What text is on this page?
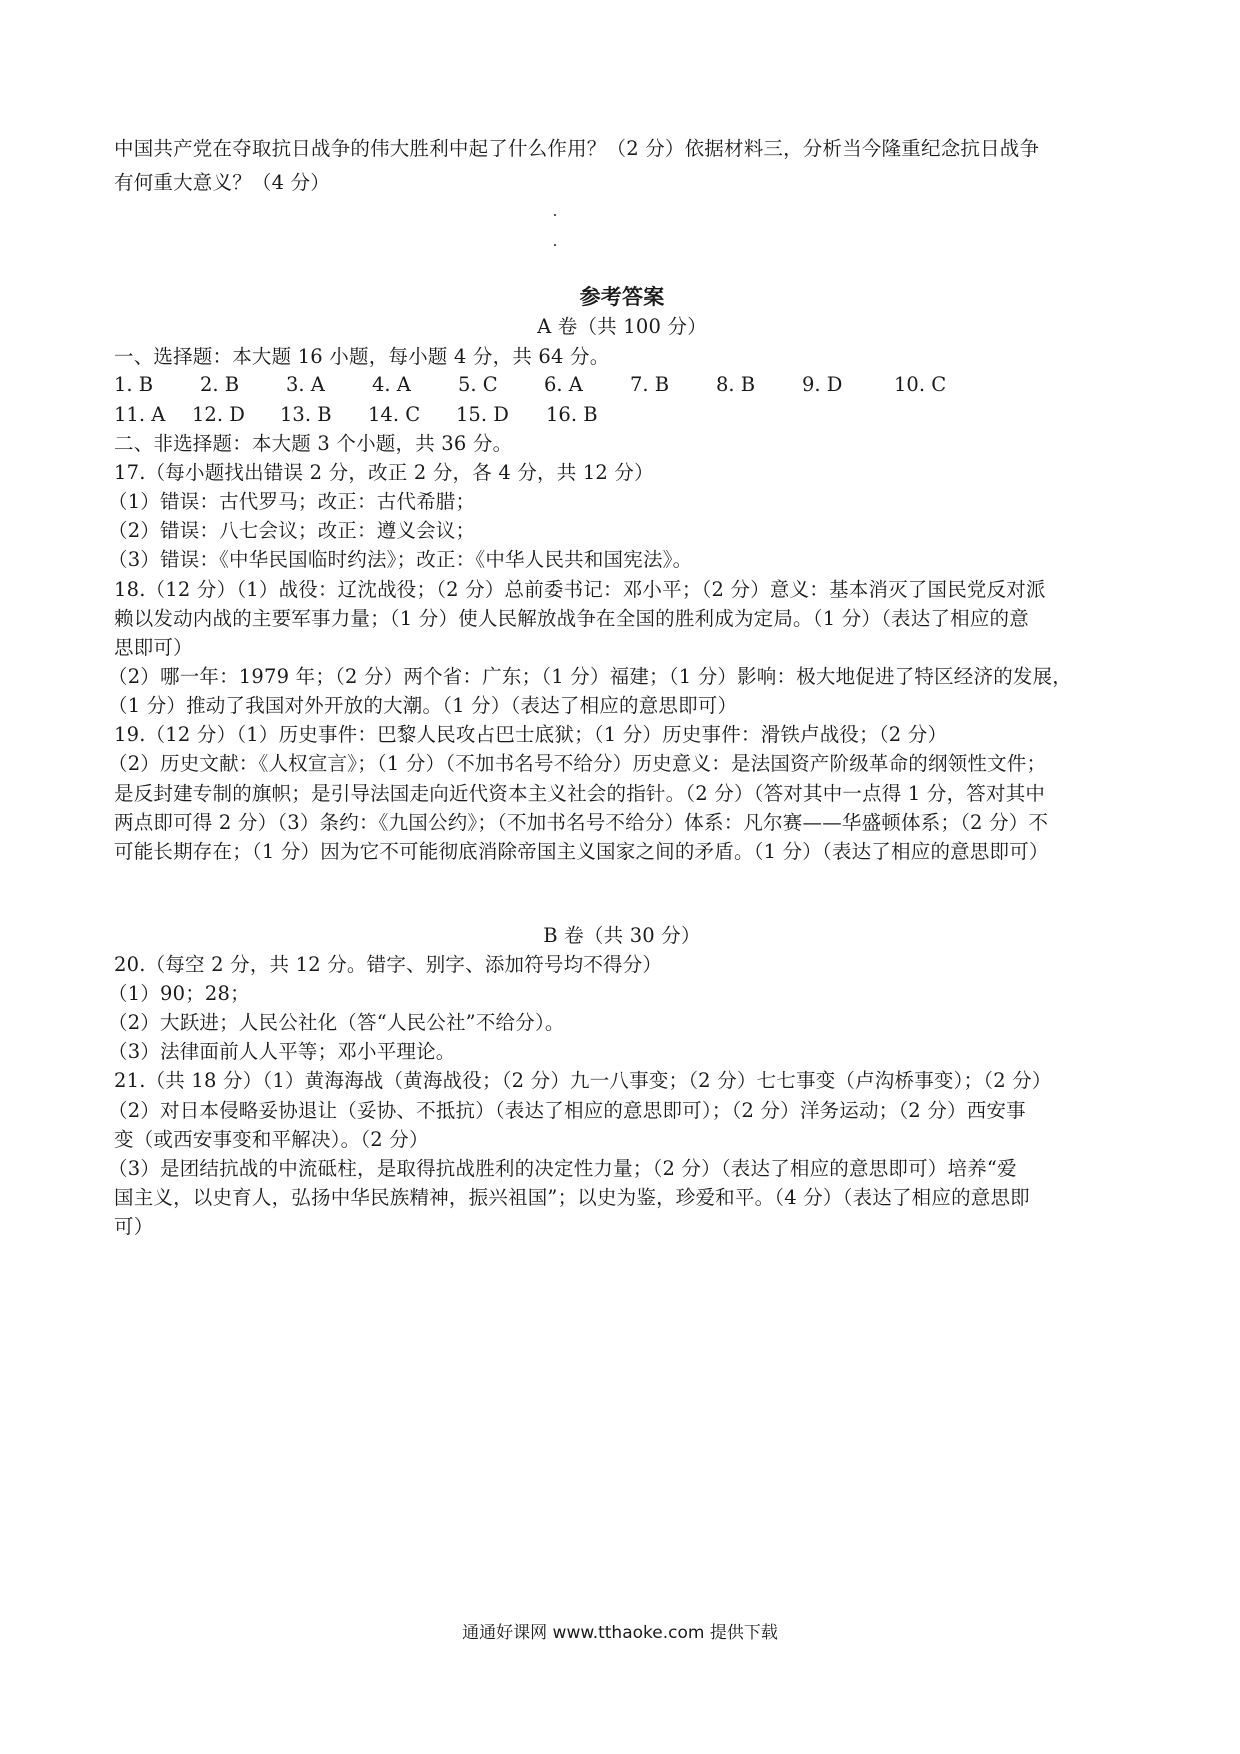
中国共产党在夺取抗日战争的伟大胜利中起了什么作用？（2 分）依据材料三，分析当今隆重纪念抗日战争
有何重大意义？（4 分）
参考答案
A 卷（共 100 分）
一、选择题：本大题 16 小题，每小题 4 分，共 64 分。
1. B 2. B 3. A 4. A 5. C 6. A 7. B 8. B 9. D	10. C
11. A 12. D 13. B 14. C 15. D 16. B
二、非选择题：本大题 3 个小题，共 36 分。
17.（每小题找出错误 2 分，改正 2 分，各 4 分，共 12 分）
（1）错误：古代罗马；改正：古代希腊；
（2）错误：八七会议；改正：遵义会议；
（3）错误：《中华民国临时约法》；改正：《中华人民共和国宪法》。
18.（12 分）（1）战役：辽沈战役；（2 分）总前委书记：邓小平；（2 分）意义：基本消灭了国民党反对派
赖以发动内战的主要军事力量；（1 分）使人民解放战争在全国的胜利成为定局。（1 分）（表达了相应的意
思即可）
（2）哪一年：1979 年；（2 分）两个省：广东；（1 分）福建；（1 分）影响：极大地促进了特区经济的发展，
（1 分）推动了我国对外开放的大潮。（1 分）（表达了相应的意思即可）
19.（12 分）（1）历史事件：巴黎人民攻占巴士底狱；（1 分）历史事件：滑铁卢战役；（2 分）
（2）历史文献：《人权宣言》；（1 分）（不加书名号不给分）历史意义：是法国资产阶级革命的纲领性文件；
是反封建专制的旗帜；是引导法国走向近代资本主义社会的指针。（2 分）（答对其中一点得 1 分，答对其中
两点即可得 2 分）（3）条约：《九国公约》；（不加书名号不给分）体系：凡尔赛——华盛顿体系；（2 分）不
可能长期存在；（1 分）因为它不可能彻底消除帝国主义国家之间的矛盾。（1 分）（表达了相应的意思即可）
B 卷（共 30 分）
20.（每空 2 分，共 12 分。错字、别字、添加符号均不得分）
（1）90；28；
（2）大跃进；人民公社化（答“人民公社”不给分）。
（3）法律面前人人平等；邓小平理论。
21.（共 18 分）（1）黄海海战（黄海战役；（2 分）九一八事变；（2 分）七七事变（卢沟桥事变）；（2 分）
（2）对日本侵略妥协退让（妥协、不抵抗）（表达了相应的意思即可）；（2 分）洋务运动；（2 分）西安事
变（或西安事变和平解决）。（2 分）
（3）是团结抗战的中流砥柱，是取得抗战胜利的决定性力量；（2 分）（表达了相应的意思即可）培养“爱
国主义，以史育人，弘扬中华民族精神，振兴祖国”；以史为鉴，珍爱和平。（4 分）（表达了相应的意思即
可）
通通好课网 www.tthaoke.com 提供下载
